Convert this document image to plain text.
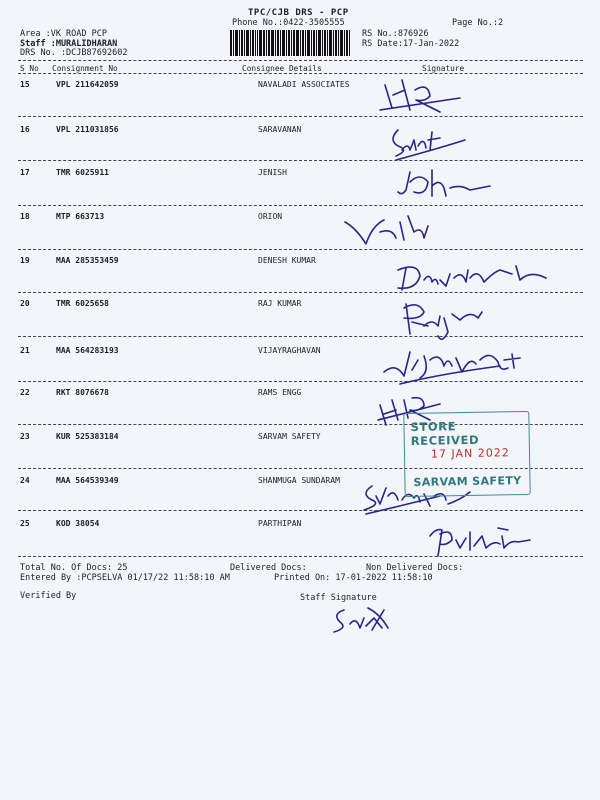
TPC/CJB DRS - PCP
Phone No.:0422-3505555	Page No.:2
Area :VK ROAD PCP
Staff :MURALIDHARAN
DRS No. :DCJB87692602
RS No.:876926
RS Date:17-Jan-2022
S No Consignment No	Consignee Details	Signature
15	VPL 211642059	NAVALADI ASSOCIATES
16	VPL 211031856	SARAVANAN
17	TMR 6025911	JENISH
18	MTP 663713	ORION
19	MAA 285353459	DENESH KUMAR
20	TMR 6025658	RAJ KUMAR
21	MAA 564283193	VIJAYRAGHAVAN
22	RKT 8076678	RAMS ENGG
23	KUR 525383184	SARVAM SAFETY
24	MAA 564539349	SHANMUGA SUNDARAM
25	KOD 38054	PARTHIPAN
Total No. Of Docs: 25	Delivered Docs:	Non Delivered Docs:
Entered By :PCPSELVA 01/17/22 11:58:10 AM	Printed On: 17-01-2022 11:58:10
Verified By	Staff Signature
STORE RECEIVED
17 JAN 2022
SARVAM SAFETY
